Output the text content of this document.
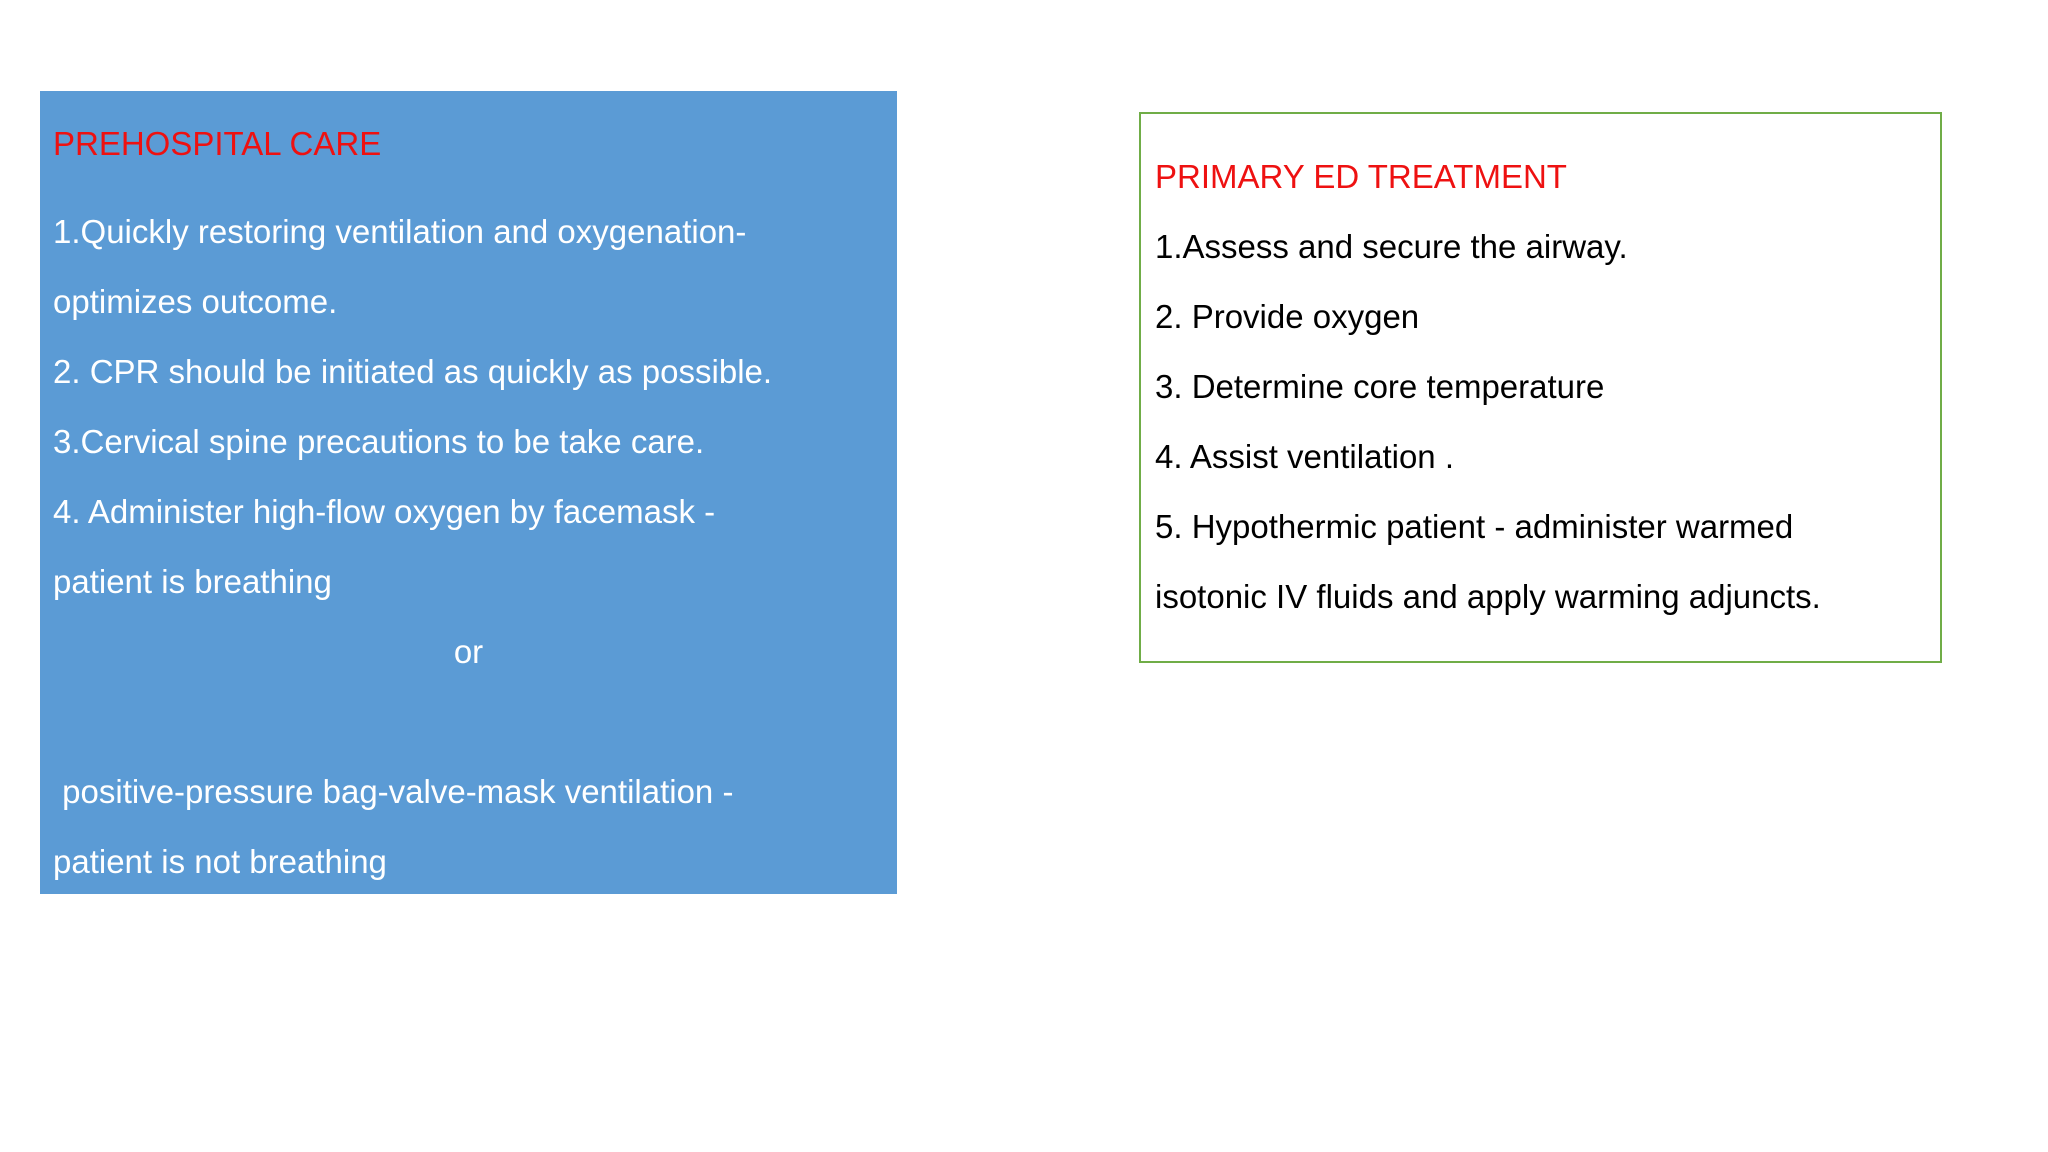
PREHOSPITAL CARE
1.Quickly restoring ventilation and oxygenation-
optimizes outcome.
2. CPR should be initiated as quickly as possible.
3.Cervical spine precautions to be take care.
4. Administer high-flow oxygen by facemask -
patient is breathing
or
positive-pressure bag-valve-mask ventilation -
patient is not breathing
PRIMARY ED TREATMENT
1.Assess and secure the airway.
2. Provide oxygen
3. Determine core temperature
4. Assist ventilation .
5. Hypothermic patient - administer warmed
isotonic IV fluids and apply warming adjuncts.
